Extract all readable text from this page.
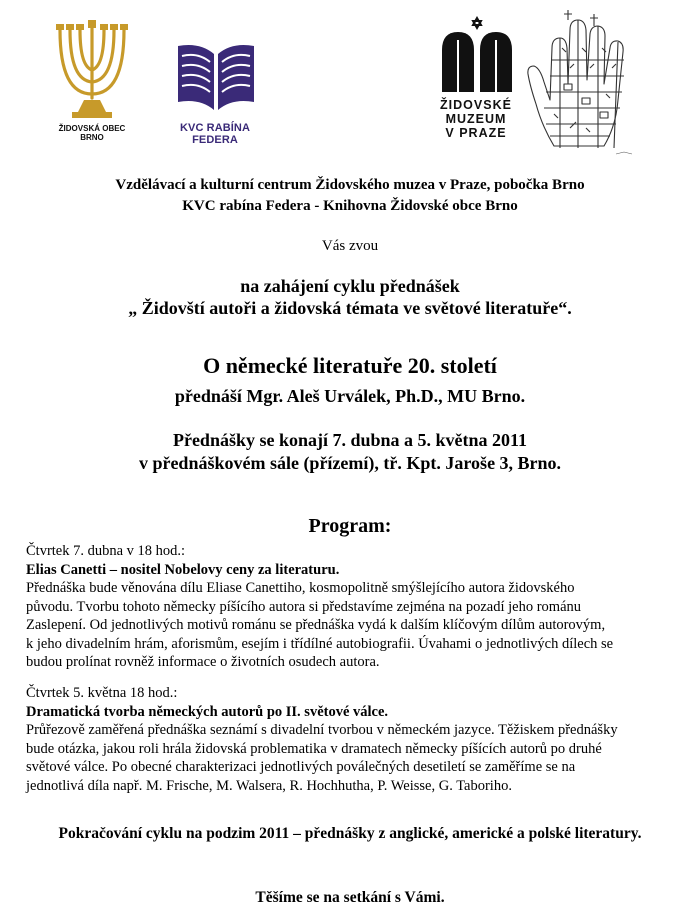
ŽIDOVSKÁ OBEC
BRNO
KVC RABÍNA FEDERA
ŽIDOVSKÉ
MUZEUM
V PRAZE
Vzdělávací a kulturní centrum Židovského muzea v Praze, pobočka Brno
KVC rabína Federa - Knihovna Židovské obce Brno
Vás zvou
na zahájení cyklu přednášek
„ Židovští autoři a židovská témata ve světové literatuře“.
O německé literatuře 20. století
přednáší Mgr. Aleš Urválek, Ph.D., MU Brno.
Přednášky se konají 7. dubna a 5. května 2011
v přednáškovém sále (přízemí), tř. Kpt. Jaroše 3, Brno.
Program:

Čtvrtek 7. dubna v 18 hod.:

Elias Canetti – nositel Nobelovy ceny za literaturu.

Přednáška bude věnována dílu Eliase Canettiho, kosmopolitně smýšlejícího autora židovského

původu. Tvorbu tohoto německy píšícího autora si představíme zejména na pozadí jeho románu

Zaslepení. Od jednotlivých motivů románu se přednáška vydá k dalším klíčovým dílům autorovým,

k jeho divadelním hrám, aforismům, esejím i třídílné autobiografii. Úvahami o jednotlivých dílech se

budou prolínat rovněž informace o životních osudech autora.

Čtvrtek 5. května 18 hod.:

Dramatická tvorba německých autorů po II. světové válce.

Průřezově zaměřená přednáška seznámí s divadelní tvorbou v německém jazyce. Těžiskem přednášky

bude otázka, jakou roli hrála židovská problematika v dramatech německy píšících autorů po druhé

světové válce. Po obecné charakterizaci jednotlivých poválečných desetiletí se zaměříme se na

jednotlivá díla např. M. Frische, M. Walsera, R. Hochhutha, P. Weisse, G. Taboriho.

Pokračování cyklu na podzim 2011 – přednášky z anglické, americké a polské literatury.
Těšíme se na setkání s Vámi.
